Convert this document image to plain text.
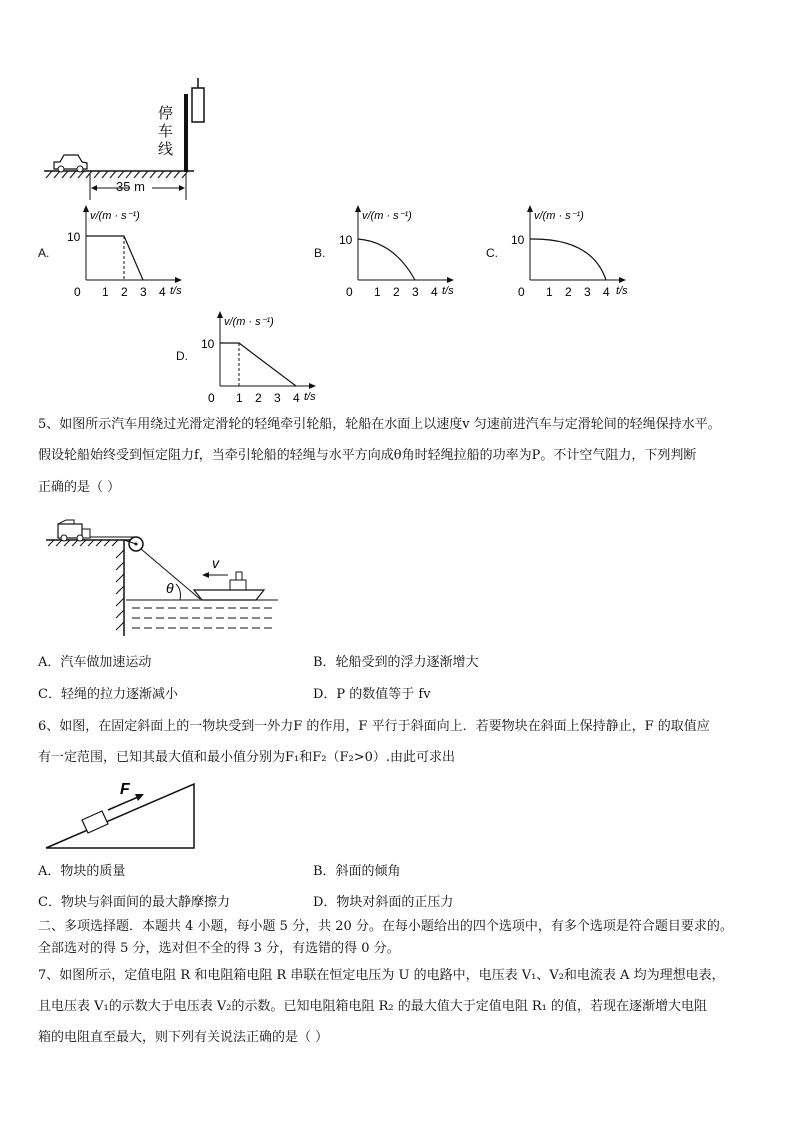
停车线
35 m
A.
10
v/(m · s⁻¹)
0 1 2 3 4 t/s
B.
10
v/(m · s⁻¹)
0 1 2 3 4 t/s
C.
10
v/(m · s⁻¹)
0 1 2 3 4 t/s
D.
10
v/(m · s⁻¹)
0 1 2 3 4 t/s
5、如图所示汽车用绕过光滑定滑轮的轻绳牵引轮船，轮船在水面上以速度v 匀速前进汽车与定滑轮间的轻绳保持水平。
假设轮船始终受到恒定阻力f，当牵引轮船的轻绳与水平方向成θ角时轻绳拉船的功率为P。不计空气阻力，下列判断
正确的是（ ）
v
θ
A．汽车做加速运动	B．轮船受到的浮力逐渐增大
C．轻绳的拉力逐渐减小	D．P 的数值等于 fv
6、如图，在固定斜面上的一物块受到一外力F 的作用，F 平行于斜面向上．若要物块在斜面上保持静止，F 的取值应
有一定范围，已知其最大值和最小值分别为F₁和F₂（F₂>0）.由此可求出
F
A．物块的质量	B．斜面的倾角
C．物块与斜面间的最大静摩擦力	D．物块对斜面的正压力
二、多项选择题．本题共 4 小题，每小题 5 分，共 20 分。在每小题给出的四个选项中，有多个选项是符合题目要求的。
全部选对的得 5 分，选对但不全的得 3 分，有选错的得 0 分。
7、如图所示，定值电阻 R 和电阻箱电阻 R 串联在恒定电压为 U 的电路中，电压表 V₁、V₂和电流表 A 均为理想电表，
且电压表 V₁的示数大于电压表 V₂的示数。已知电阻箱电阻 R₂ 的最大值大于定值电阻 R₁ 的值，若现在逐渐增大电阻
箱的电阻直至最大，则下列有关说法正确的是（ ）
